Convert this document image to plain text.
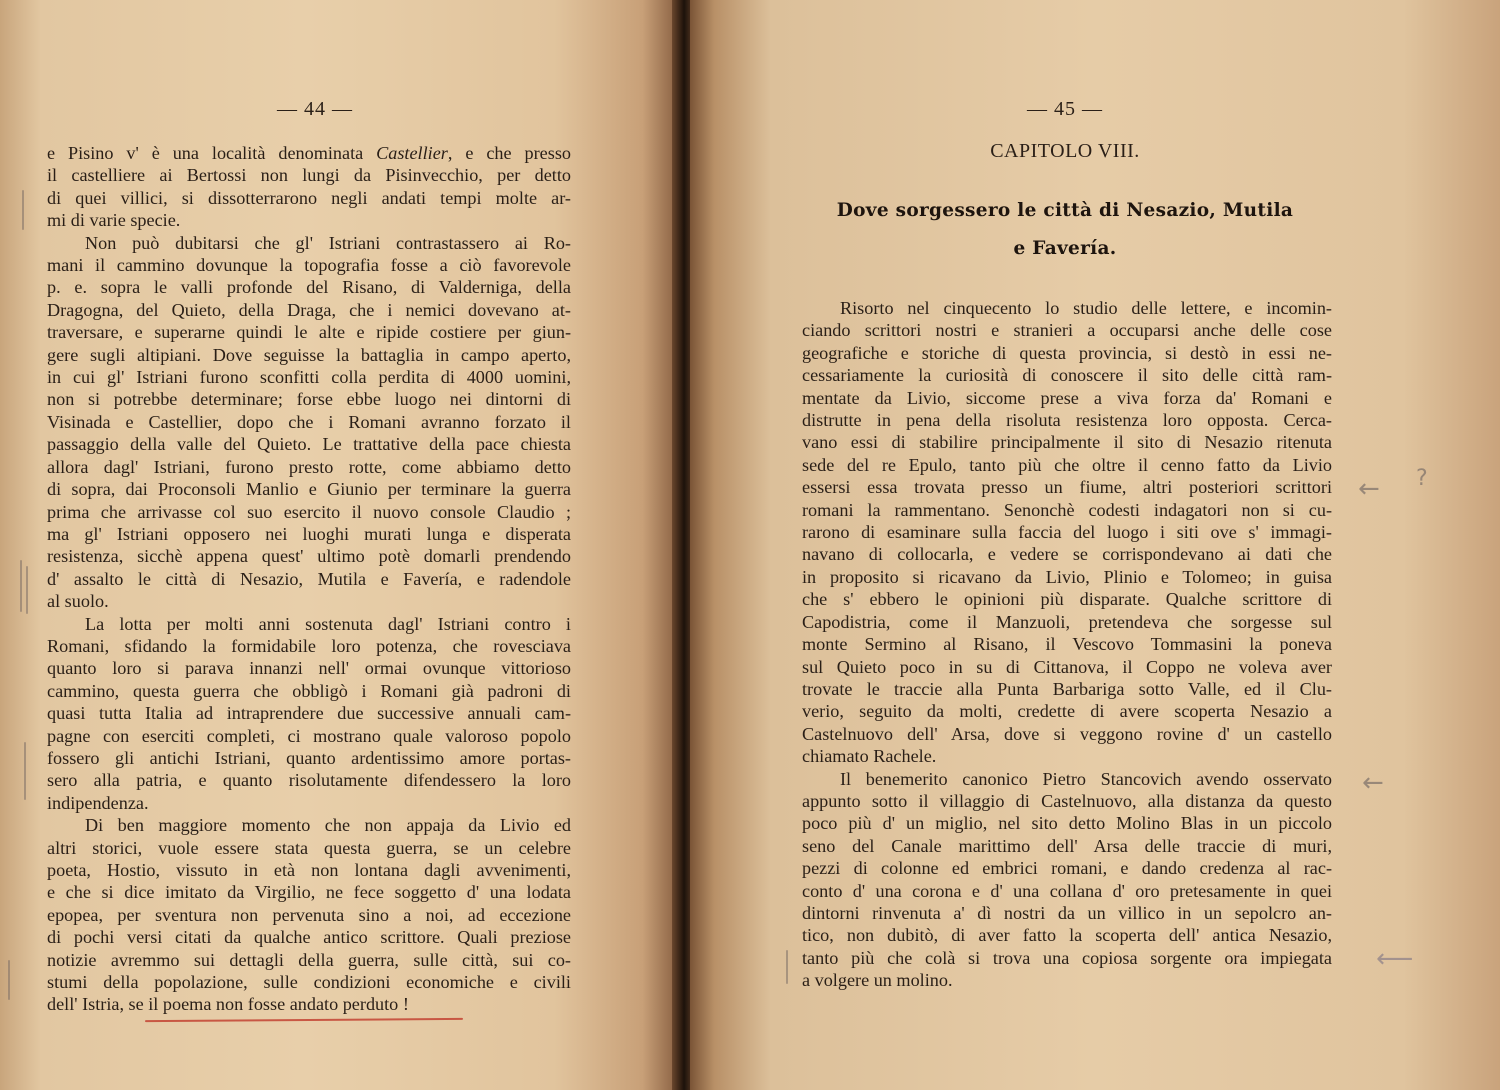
— 44 —
e Pisino v' è una località denominata Castellier, e che presso
il castelliere ai Bertossi non lungi da Pisinvecchio, per detto
di quei villici, si dissotterrarono negli andati tempi molte ar-
mi di varie specie.
Non può dubitarsi che gl' Istriani contrastassero ai Ro-
mani il cammino dovunque la topografia fosse a ciò favorevole
p. e. sopra le valli profonde del Risano, di Valderniga, della
Dragogna, del Quieto, della Draga, che i nemici dovevano at-
traversare, e superarne quindi le alte e ripide costiere per giun-
gere sugli altipiani. Dove seguisse la battaglia in campo aperto,
in cui gl' Istriani furono sconfitti colla perdita di 4000 uomini,
non si potrebbe determinare; forse ebbe luogo nei dintorni di
Visinada e Castellier, dopo che i Romani avranno forzato il
passaggio della valle del Quieto. Le trattative della pace chiesta
allora dagl' Istriani, furono presto rotte, come abbiamo detto
di sopra, dai Proconsoli Manlio e Giunio per terminare la guerra
prima che arrivasse col suo esercito il nuovo console Claudio ;
ma gl' Istriani opposero nei luoghi murati lunga e disperata
resistenza, sicchè appena quest' ultimo potè domarli prendendo
d' assalto le città di Nesazio, Mutila e Favería, e radendole
al suolo.
La lotta per molti anni sostenuta dagl' Istriani contro i
Romani, sfidando la formidabile loro potenza, che rovesciava
quanto loro si parava innanzi nell' ormai ovunque vittorioso
cammino, questa guerra che obbligò i Romani già padroni di
quasi tutta Italia ad intraprendere due successive annuali cam-
pagne con eserciti completi, ci mostrano quale valoroso popolo
fossero gli antichi Istriani, quanto ardentissimo amore portas-
sero alla patria, e quanto risolutamente difendessero la loro
indipendenza.
Di ben maggiore momento che non appaja da Livio ed
altri storici, vuole essere stata questa guerra, se un celebre
poeta, Hostio, vissuto in età non lontana dagli avvenimenti,
e che si dice imitato da Virgilio, ne fece soggetto d' una lodata
epopea, per sventura non pervenuta sino a noi, ad eccezione
di pochi versi citati da qualche antico scrittore. Quali preziose
notizie avremmo sui dettagli della guerra, sulle città, sui co-
stumi della popolazione, sulle condizioni economiche e civili
dell' Istria, se il poema non fosse andato perduto !
— 45 —
CAPITOLO VIII.
Dove sorgessero le città di Nesazio, Mutila
e Favería.
Risorto nel cinquecento lo studio delle lettere, e incomin-
ciando scrittori nostri e stranieri a occuparsi anche delle cose
geografiche e storiche di questa provincia, si destò in essi ne-
cessariamente la curiosità di conoscere il sito delle città ram-
mentate da Livio, siccome prese a viva forza da' Romani e
distrutte in pena della risoluta resistenza loro opposta. Cerca-
vano essi di stabilire principalmente il sito di Nesazio ritenuta
sede del re Epulo, tanto più che oltre il cenno fatto da Livio
essersi essa trovata presso un fiume, altri posteriori scrittori
romani la rammentano. Senonchè codesti indagatori non si cu-
rarono di esaminare sulla faccia del luogo i siti ove s' immagi-
navano di collocarla, e vedere se corrispondevano ai dati che
in proposito si ricavano da Livio, Plinio e Tolomeo; in guisa
che s' ebbero le opinioni più disparate. Qualche scrittore di
Capodistria, come il Manzuoli, pretendeva che sorgesse sul
monte Sermino al Risano, il Vescovo Tommasini la poneva
sul Quieto poco in su di Cittanova, il Coppo ne voleva aver
trovate le traccie alla Punta Barbariga sotto Valle, ed il Clu-
verio, seguito da molti, credette di avere scoperta Nesazio a
Castelnuovo dell' Arsa, dove si veggono rovine d' un castello
chiamato Rachele.
Il benemerito canonico Pietro Stancovich avendo osservato
appunto sotto il villaggio di Castelnuovo, alla distanza da questo
poco più d' un miglio, nel sito detto Molino Blas in un piccolo
seno del Canale marittimo dell' Arsa delle traccie di muri,
pezzi di colonne ed embrici romani, e dando credenza al rac-
conto d' una corona e d' una collana d' oro pretesamente in quei
dintorni rinvenuta a' dì nostri da un villico in un sepolcro an-
tico, non dubitò, di aver fatto la scoperta dell' antica Nesazio,
tanto più che colà si trova una copiosa sorgente ora impiegata
a volgere un molino.
← ?
←
⟵
